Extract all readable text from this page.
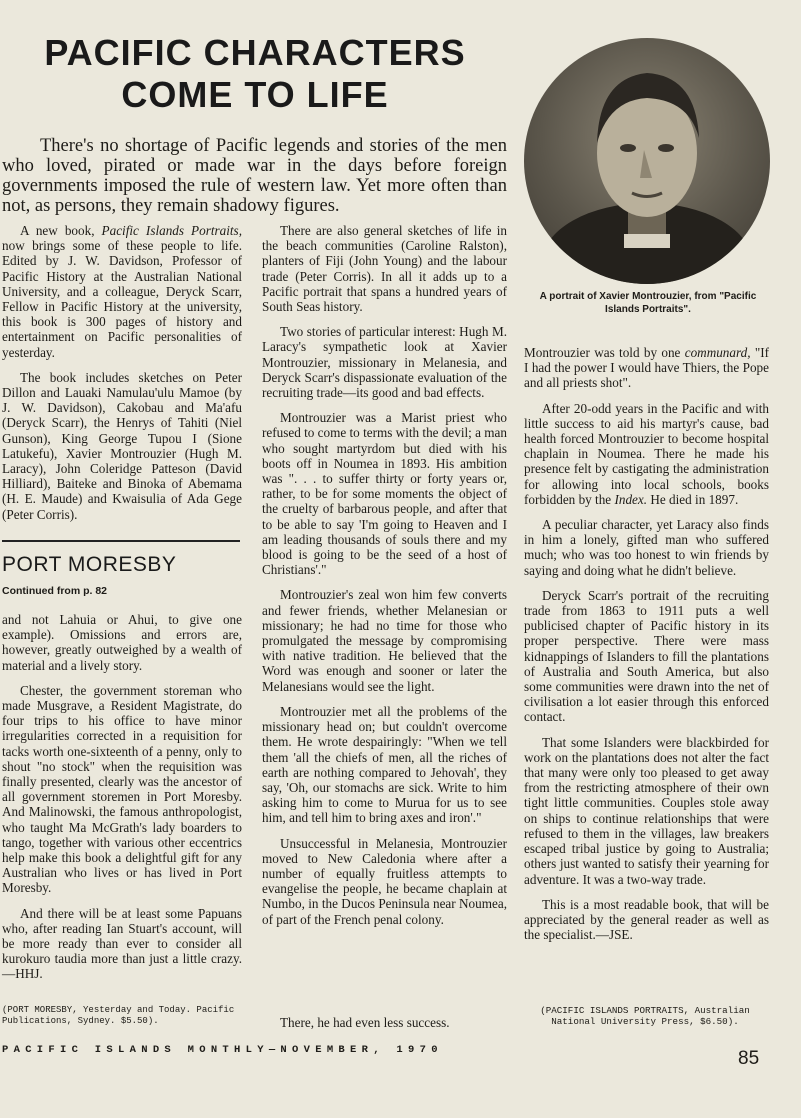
PACIFIC CHARACTERS
COME TO LIFE

There's no shortage of Pacific legends and stories of the men who loved, pirated or made war in the days before foreign governments imposed the rule of western law. Yet more often than not, as persons, they remain shadowy figures.

A portrait of Xavier Montrouzier, from "Pacific Islands Portraits".

A new book, Pacific Islands Portraits, now brings some of these people to life. Edited by J. W. Davidson, Professor of Pacific History at the Australian National University, and a colleague, Deryck Scarr, Fellow in Pacific History at the university, this book is 300 pages of history and entertainment on Pacific personalities of yesterday.

The book includes sketches on Peter Dillon and Lauaki Namulau'ulu Mamoe (by J. W. Davidson), Cakobau and Ma'afu (Deryck Scarr), the Henrys of Tahiti (Niel Gunson), King George Tupou I (Sione Latukefu), Xavier Montrouzier (Hugh M. Laracy), John Coleridge Patteson (David Hilliard), Baiteke and Binoka of Abemama (H. E. Maude) and Kwaisulia of Ada Gege (Peter Corris).

PORT MORESBY
Continued from p. 82

and not Lahuia or Ahui, to give one example). Omissions and errors are, however, greatly outweighed by a wealth of material and a lively story.

Chester, the government storeman who made Musgrave, a Resident Magistrate, do four trips to his office to have minor irregularities corrected in a requisition for tacks worth one-sixteenth of a penny, only to shout "no stock" when the requisition was finally presented, clearly was the ancestor of all government storemen in Port Moresby. And Malinowski, the famous anthropologist, who taught Ma McGrath's lady boarders to tango, together with various other eccentrics help make this book a delightful gift for any Australian who lives or has lived in Port Moresby.

And there will be at least some Papuans who, after reading Ian Stuart's account, will be more ready than ever to consider all kurokuro taudia more than just a little crazy. —HHJ.

(PORT MORESBY, Yesterday and Today. Pacific Publications, Sydney. $5.50).

There are also general sketches of life in the beach communities (Caroline Ralston), planters of Fiji (John Young) and the labour trade (Peter Corris). In all it adds up to a Pacific portrait that spans a hundred years of South Seas history.

Two stories of particular interest: Hugh M. Laracy's sympathetic look at Xavier Montrouzier, missionary in Melanesia, and Deryck Scarr's dispassionate evaluation of the recruiting trade—its good and bad effects.

Montrouzier was a Marist priest who refused to come to terms with the devil; a man who sought martyrdom but died with his boots off in Noumea in 1893. His ambition was ". . . to suffer thirty or forty years or, rather, to be for some moments the object of the cruelty of barbarous people, and after that to be able to say 'I'm going to Heaven and I am leading thousands of souls there and my blood is going to be the seed of a host of Christians'."

Montrouzier's zeal won him few converts and fewer friends, whether Melanesian or missionary; he had no time for those who promulgated the message by compromising with native tradition. He believed that the Word was enough and sooner or later the Melanesians would see the light.

Montrouzier met all the problems of the missionary head on; but couldn't overcome them. He wrote despairingly: "When we tell them 'all the chiefs of men, all the riches of earth are nothing compared to Jehovah', they say, 'Oh, our stomachs are sick. Write to him asking him to come to Murua for us to see him, and tell him to bring axes and iron'."

Unsuccessful in Melanesia, Montrouzier moved to New Caledonia where after a number of equally fruitless attempts to evangelise the people, he became chaplain at Numbo, in the Ducos Peninsula near Noumea, of part of the French penal colony.

There, he had even less success.

Montrouzier was told by one communard, "If I had the power I would have Thiers, the Pope and all priests shot".

After 20-odd years in the Pacific and with little success to aid his martyr's cause, bad health forced Montrouzier to become hospital chaplain in Noumea. There he made his presence felt by castigating the administration for allowing into local schools, books forbidden by the Index. He died in 1897.

A peculiar character, yet Laracy also finds in him a lonely, gifted man who suffered much; who was too honest to win friends by saying and doing what he didn't believe.

Deryck Scarr's portrait of the recruiting trade from 1863 to 1911 puts a well publicised chapter of Pacific history in its proper perspective. There were mass kidnappings of Islanders to fill the plantations of Australia and South America, but also some communities were drawn into the net of civilisation a lot easier through this enforced contact.

That some Islanders were blackbirded for work on the plantations does not alter the fact that many were only too pleased to get away from the restricting atmosphere of their own tight little communities. Couples stole away on ships to continue relationships that were refused to them in the villages, law breakers escaped tribal justice by going to Australia; others just wanted to satisfy their yearning for adventure. It was a two-way trade.

This is a most readable book, that will be appreciated by the general reader as well as the specialist.—JSE.

(PACIFIC ISLANDS PORTRAITS, Australian National University Press, $6.50).
PACIFIC ISLANDS MONTHLY—NOVEMBER, 1970	85
